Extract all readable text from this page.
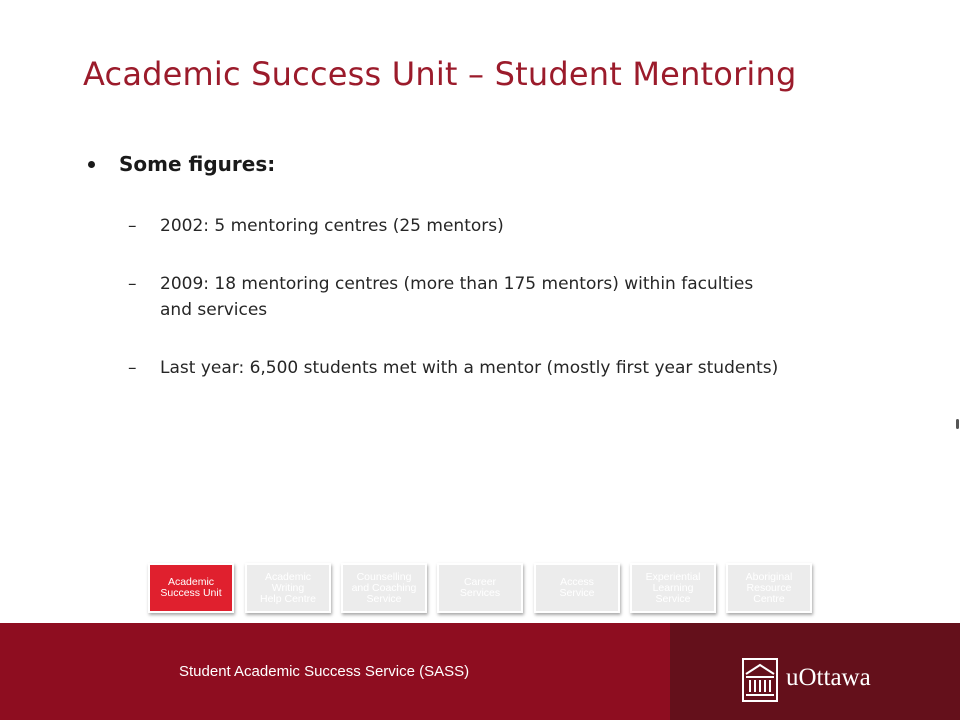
Academic Success Unit – Student Mentoring
Some figures:
– 2002: 5 mentoring centres (25 mentors)
– 2009: 18 mentoring centres (more than 175 mentors) within faculties
and services
– Last year: 6,500 students met with a mentor (mostly first year students)
Academic
Success Unit
Academic
Writing
Help Centre
Counselling
and Coaching
Service
Career
Services
Access
Service
Experiential
Learning
Service
Aboriginal
Resource
Centre
Student Academic Success Service (SASS)	uOttawa
